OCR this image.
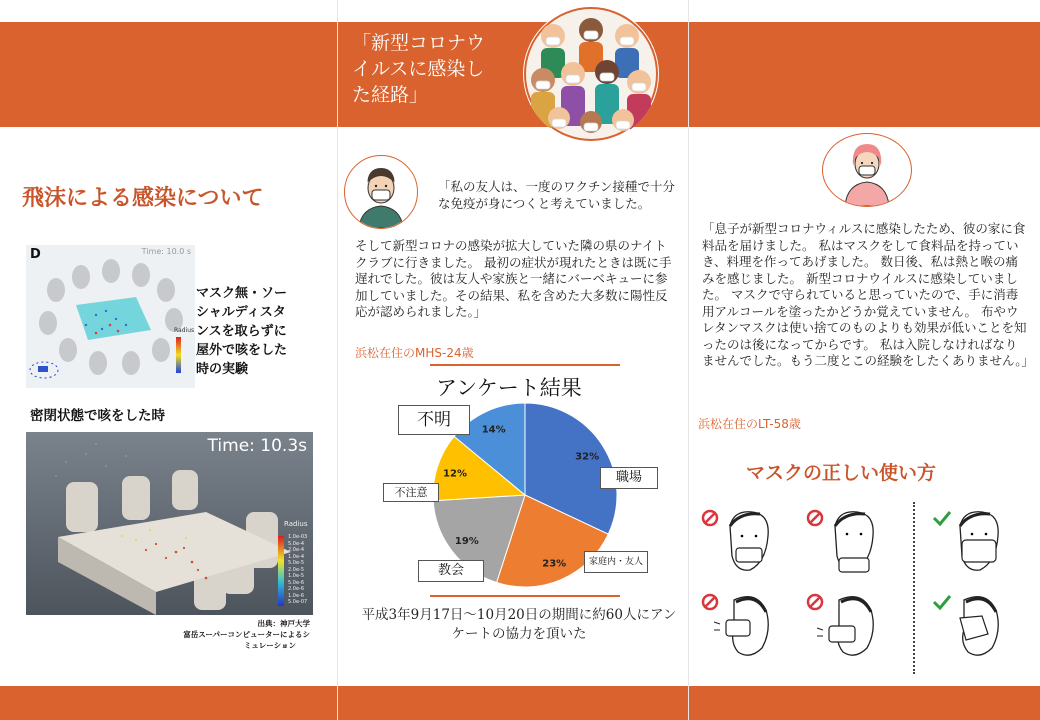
「新型コロナウイルスに感染した経路」
飛沫による感染について
D	Time: 10.0 s
Radius
マスク無・ソーシャルディスタンスを取らずに屋外で咳をした時の実験
密閉状態で咳をした時
Time: 10.3s
Radius
1.0e-03
5.0e-4
2.0e-4
1.0e-4
5.0e-5
2.0e-5
1.0e-5
5.0e-6
2.0e-6
1.0e-6
5.0e-07
出典：神戸大学
富岳スーパーコンピューターによるシ
ミュレーション
「私の友人は、一度のワクチン接種で十分な免疫が身につくと考えていました。
そして新型コロナの感染が拡大していた隣の県のナイトクラブに行きました。 最初の症状が現れたときは既に手遅れでした。彼は友人や家族と一緒にバーベキューに参加していました。その結果、私を含めた大多数に陽性反応が認められました。」
浜松在住のMHS-24歳
アンケート結果
32%
23%
19%
12%
14%
不明
職場
不注意
家庭内・友人
教会
平成3年9月17日～10月20日の期間に約60人にアンケートの協力を頂いた
「息子が新型コロナウィルスに感染したため、彼の家に食料品を届けました。 私はマスクをして食料品を持っていき、料理を作ってあげました。 数日後、私は熱と喉の痛みを感じました。 新型コロナウイルスに感染していました。 マスクで守られていると思っていたので、手に消毒用アルコールを塗ったかどうか覚えていません。 布やウレタンマスクは使い捨てのものよりも効果が低いことを知ったのは後になってからです。 私は入院しなければなりませんでした。もう二度とこの経験をしたくありません。」
浜松在住のLT-58歳
マスクの正しい使い方
